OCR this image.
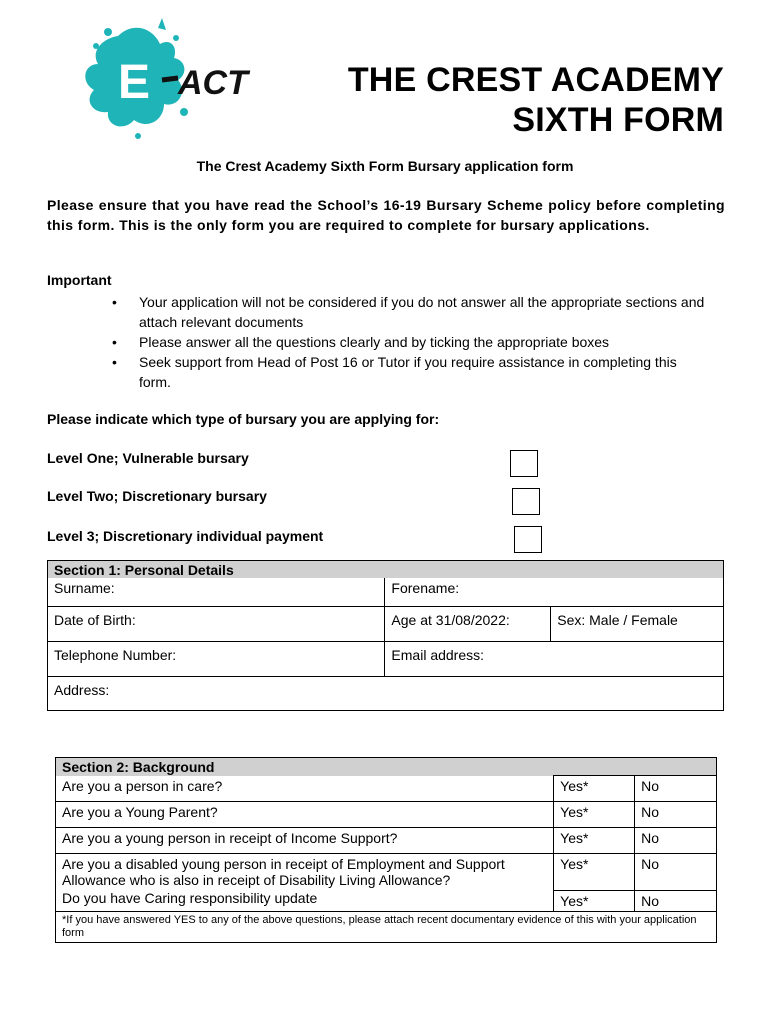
E ACT	THE CREST ACADEMY
SIXTH FORM
The Crest Academy Sixth Form Bursary application form
Please ensure that you have read the School’s 16-19 Bursary Scheme policy before completing this form. This is the only form you are required to complete for bursary applications.
Important
• Your application will not be considered if you do not answer all the appropriate sections and attach relevant documents
• Please answer all the questions clearly and by ticking the appropriate boxes
• Seek support from Head of Post 16 or Tutor if you require assistance in completing this form.
Please indicate which type of bursary you are applying for:
Level One; Vulnerable bursary
Level Two; Discretionary bursary
Level 3; Discretionary individual payment
Section 1: Personal Details		
Surname:	Forename:	
Date of Birth:	Age at 31/08/2022:	Sex: Male / Female
Telephone Number:	Email address:	
Address:		
Section 2: Background		
Are you a person in care?	Yes*	No
Are you a Young Parent?	Yes*	No
Are you a young person in receipt of Income Support?	Yes*	No
Are you a disabled young person in receipt of Employment and Support Allowance who is also in receipt of Disability Living Allowance?	Yes*	No
Do you have Caring responsibility update	Yes*	No
*If you have answered YES to any of the above questions, please attach recent documentary evidence of this with your application form		
